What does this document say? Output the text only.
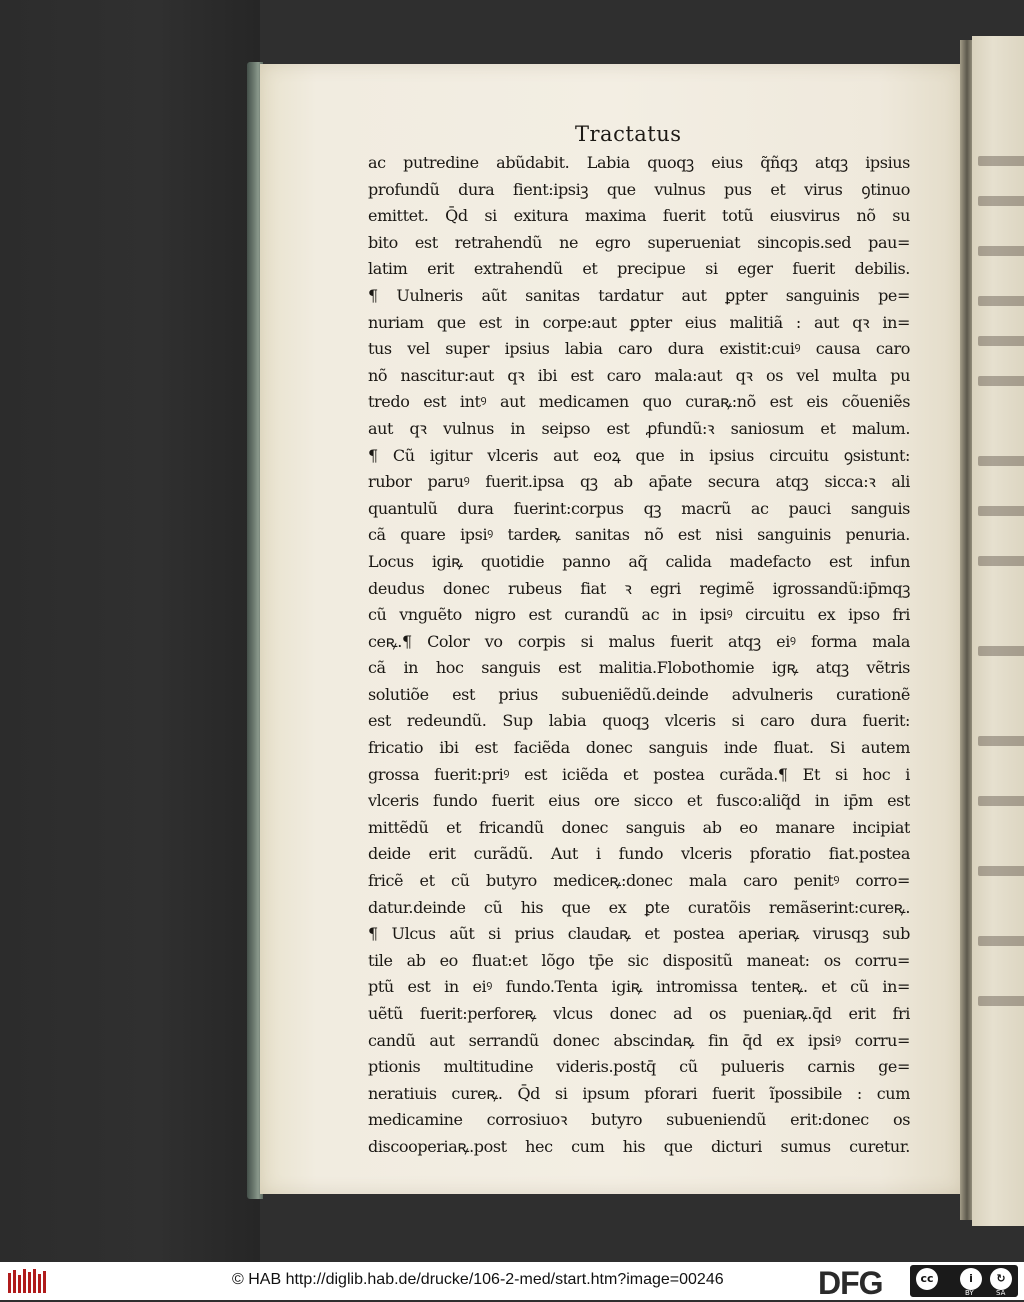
Tractatus

ac putredine abũdabit. Labia quoqꝫ eius q̃ñqꝫ atqꝫ ipsius
profundũ dura fient:ipsiꝫ que vulnus pus et virus ꝯtinuo
emittet. Q̄d si exitura maxima fuerit totũ eiusvirus nõ su
bito est retrahendũ ne egro superueniat sincopis.sed pau=
latim erit extrahendũ et precipue si eger fuerit debilis.
¶ Uulneris aũt sanitas tardatur aut ꝑpter sanguinis pe=
nuriam que est in corpe:aut ꝑpter eius malitiã : aut qꝛ in=
tus vel super ipsius labia caro dura existit:cuiꝰ causa caro
nõ nascitur:aut qꝛ ibi est caro mala:aut qꝛ os vel multa pu
tredo est intꝰ aut medicamen quo curaꝶ:nõ est eis cõueniẽs
aut qꝛ vulnus in seipso est ꝓfundũ:ꝛ saniosum et malum.
¶ Cũ igitur vlceris aut eoꝝ que in ipsius circuitu ꝯsistunt:
rubor paruꝰ fuerit.ipsa qꝫ ab ap̄ate secura atqꝫ sicca:ꝛ ali
quantulũ dura fuerint:corpus qꝫ macrũ ac pauci sanguis
cã quare ipsiꝰ tardeꝶ sanitas nõ est nisi sanguinis penuria.
Locus igiꝶ quotidie panno aq̃ calida madefacto est infun
deudus donec rubeus fiat ꝛ egri regimẽ igrossandũ:ip̄mqꝫ
cũ vnguẽto nigro est curandũ ac in ipsiꝰ circuitu ex ipso fri
ceꝶ.¶ Color vo corpis si malus fuerit atqꝫ eiꝰ forma mala
cã in hoc sanguis est malitia.Flobothomie igꝶ atqꝫ vẽtris
solutiõe est prius subueniẽdũ.deinde advulneris curationẽ
est redeundũ. Sup labia quoqꝫ vlceris si caro dura fuerit:
fricatio ibi est faciẽda donec sanguis inde fluat. Si autem
grossa fuerit:priꝰ est iciẽda et postea curãda.¶ Et si hoc i
vlceris fundo fuerit eius ore sicco et fusco:aliq̃d in ip̄m est
mittẽdũ et fricandũ donec sanguis ab eo manare incipiat
deide erit curãdũ. Aut i fundo vlceris pforatio fiat.postea
fricẽ et cũ butyro mediceꝶ:donec mala caro penitꝰ corro=
datur.deinde cũ his que ex ꝑte curatõis remãserint:cureꝶ.
¶ Ulcus aũt si prius claudaꝶ et postea aperiaꝶ virusqꝫ sub
tile ab eo fluat:et lõgo tp̄e sic dispositũ maneat: os corru=
ptũ est in eiꝰ fundo.Tenta igiꝶ intromissa tenteꝶ. et cũ in=
uẽtũ fuerit:perforeꝶ vlcus donec ad os pueniaꝶ.q̄d erit fri
candũ aut serrandũ donec abscindaꝶ fin q̄d ex ipsiꝰ corru=
ptionis multitudine videris.postq̄ cũ pulueris carnis ge=
neratiuis cureꝶ. Q̄d si ipsum pforari fuerit ĩpossibile : cum
medicamine corrosiuoꝛ butyro subueniendũ erit:donec os
discooperiaꝶ.post hec cum his que dicturi sumus curetur.
© HAB http://diglib.hab.de/drucke/106-2-med/start.htm?image=00246	DFG	cc	i	↻
BY	SA
